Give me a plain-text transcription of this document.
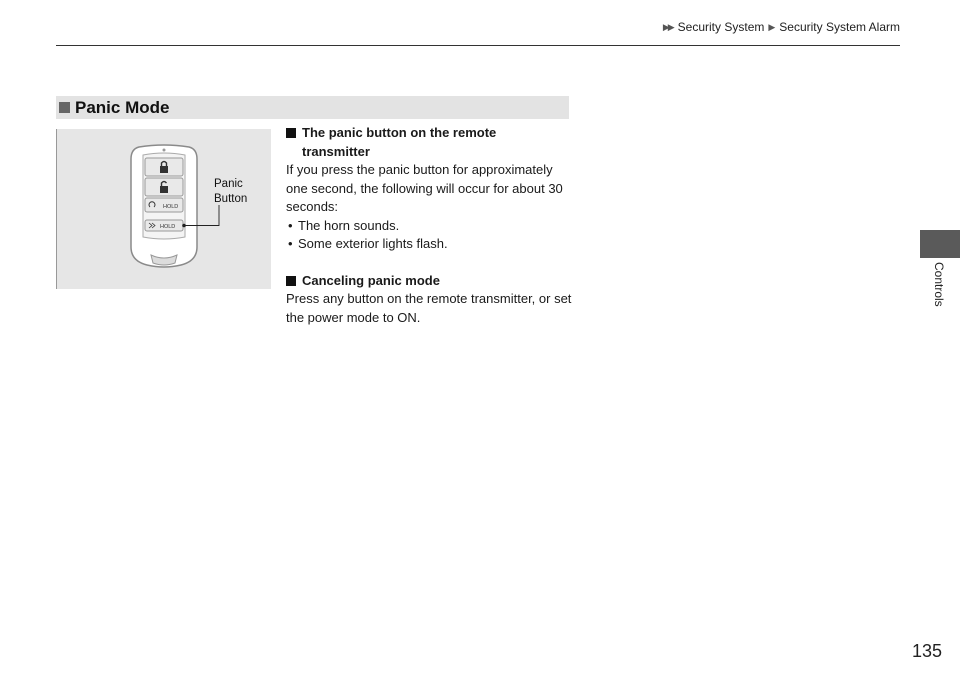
▶▶ Security System ▶ Security System Alarm
Controls
Panic Mode
HOLD
HOLD
Panic
Button
The panic button on the remote
transmitter

If you press the panic button for approximately one second, the following will occur for about 30 seconds:

• The horn sounds.
• Some exterior lights flash.
Canceling panic mode

Press any button on the remote transmitter, or set the power mode to ON.

135
